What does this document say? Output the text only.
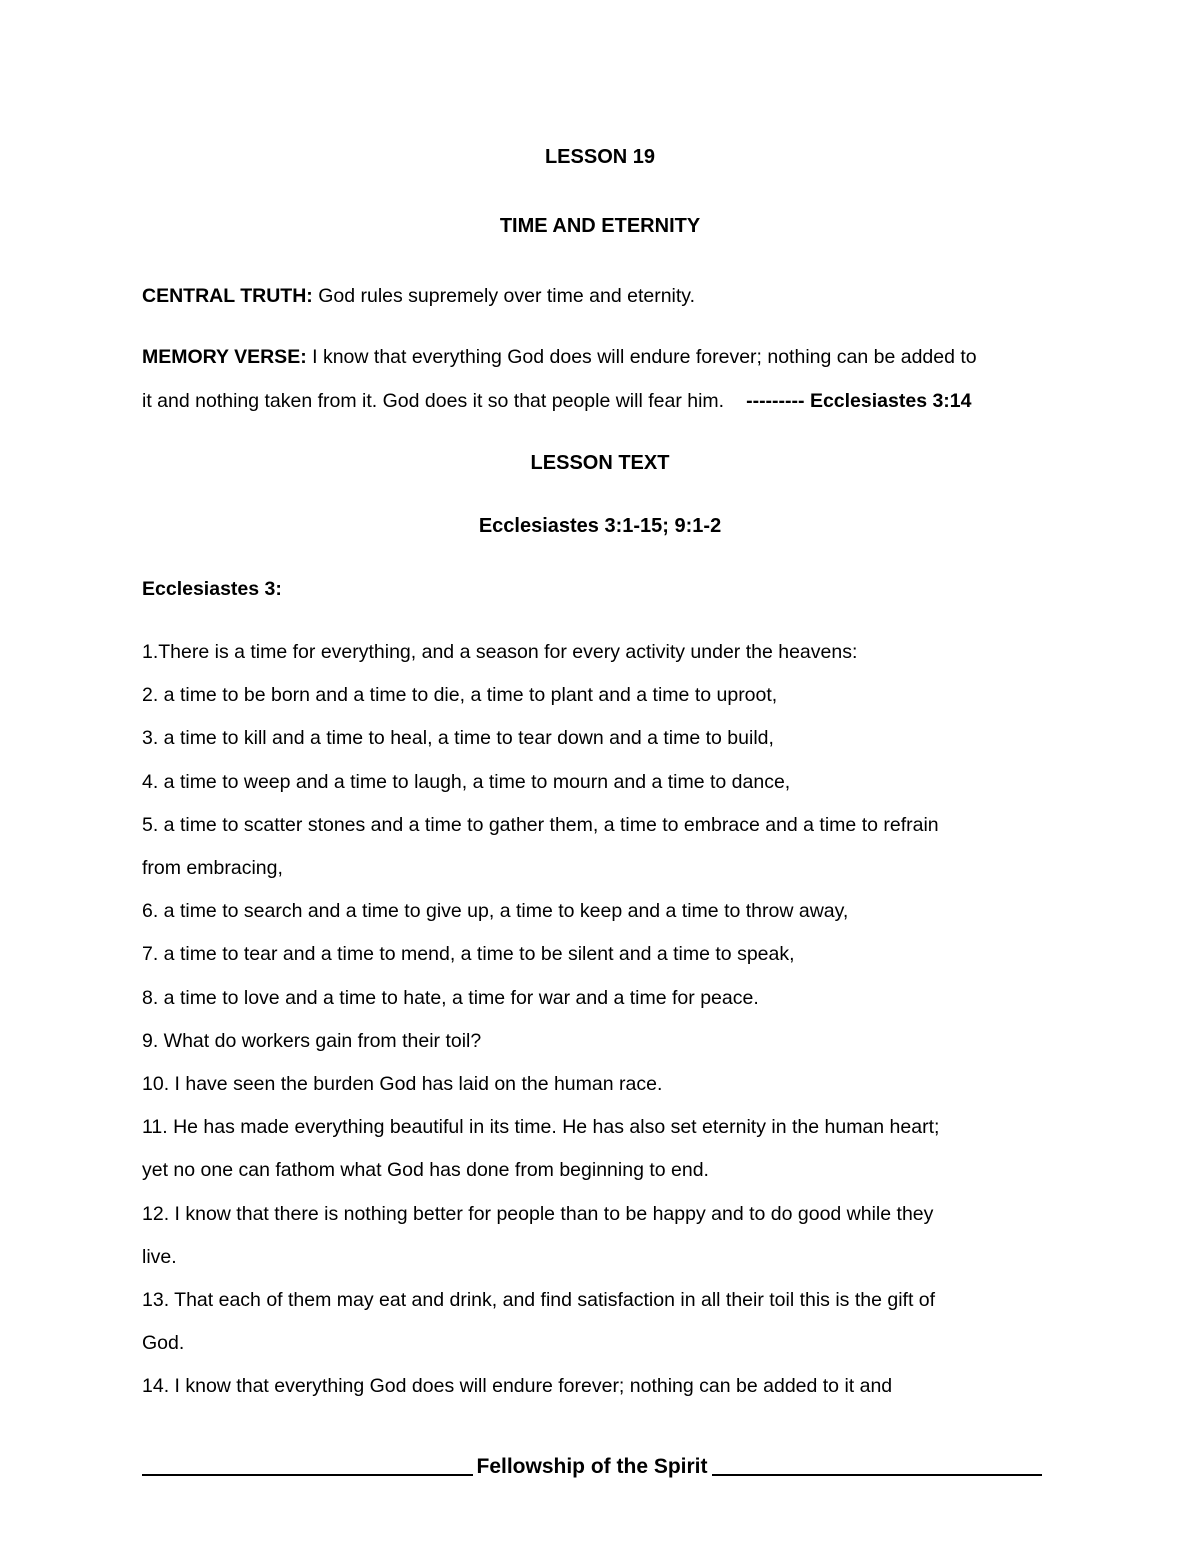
LESSON 19
TIME AND ETERNITY
CENTRAL TRUTH: God rules supremely over time and eternity.
MEMORY VERSE: I know that everything God does will endure forever; nothing can be added to
it and nothing taken from it. God does it so that people will fear him. --------- Ecclesiastes 3:14
LESSON TEXT
Ecclesiastes 3:1-15; 9:1-2
Ecclesiastes 3:
1.There is a time for everything, and a season for every activity under the heavens:
2. a time to be born and a time to die, a time to plant and a time to uproot,
3. a time to kill and a time to heal, a time to tear down and a time to build,
4. a time to weep and a time to laugh, a time to mourn and a time to dance,
5. a time to scatter stones and a time to gather them, a time to embrace and a time to refrain
from embracing,
6. a time to search and a time to give up, a time to keep and a time to throw away,
7. a time to tear and a time to mend, a time to be silent and a time to speak,
8. a time to love and a time to hate, a time for war and a time for peace.
9. What do workers gain from their toil?
10. I have seen the burden God has laid on the human race.
11. He has made everything beautiful in its time. He has also set eternity in the human heart;
yet no one can fathom what God has done from beginning to end.
12. I know that there is nothing better for people than to be happy and to do good while they
live.
13. That each of them may eat and drink, and find satisfaction in all their toil this is the gift of
God.
14. I know that everything God does will endure forever; nothing can be added to it and
Fellowship of the Spirit
